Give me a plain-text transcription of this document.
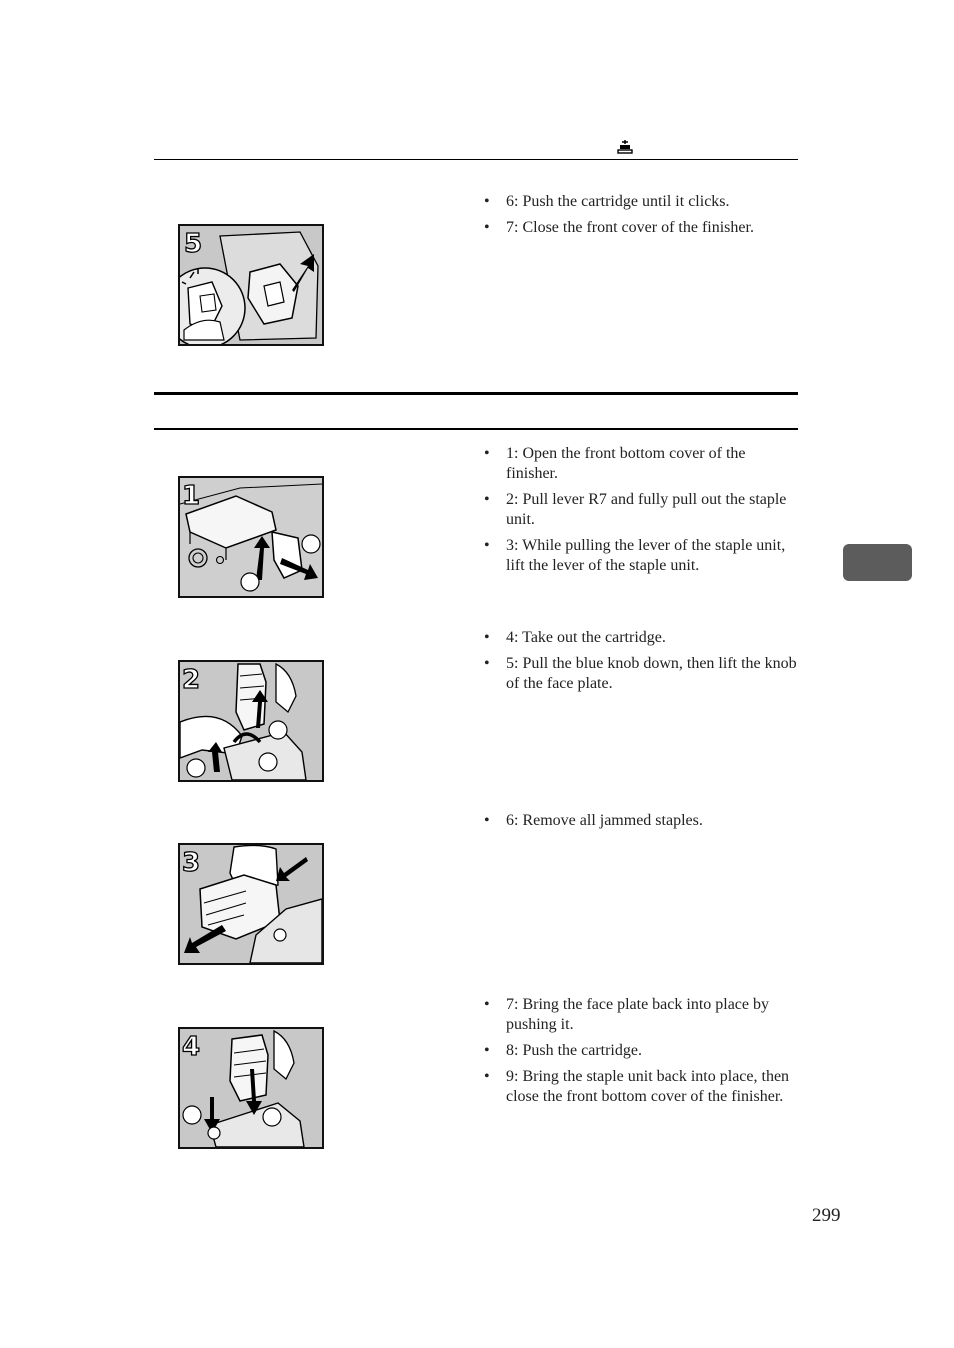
5
• 6: Push the cartridge until it clicks.
• 7: Close the front cover of the finisher.
1
• 1: Open the front bottom cover of the finisher.
• 2: Pull lever R7 and fully pull out the staple unit.
• 3: While pulling the lever of the staple unit, lift the lever of the staple unit.
2
• 4: Take out the cartridge.
• 5: Pull the blue knob down, then lift the knob of the face plate.
3
• 6: Remove all jammed staples.
4
• 7: Bring the face plate back into place by pushing it.
• 8: Push the cartridge.
• 9: Bring the staple unit back into place, then close the front bottom cover of the finisher.
299
